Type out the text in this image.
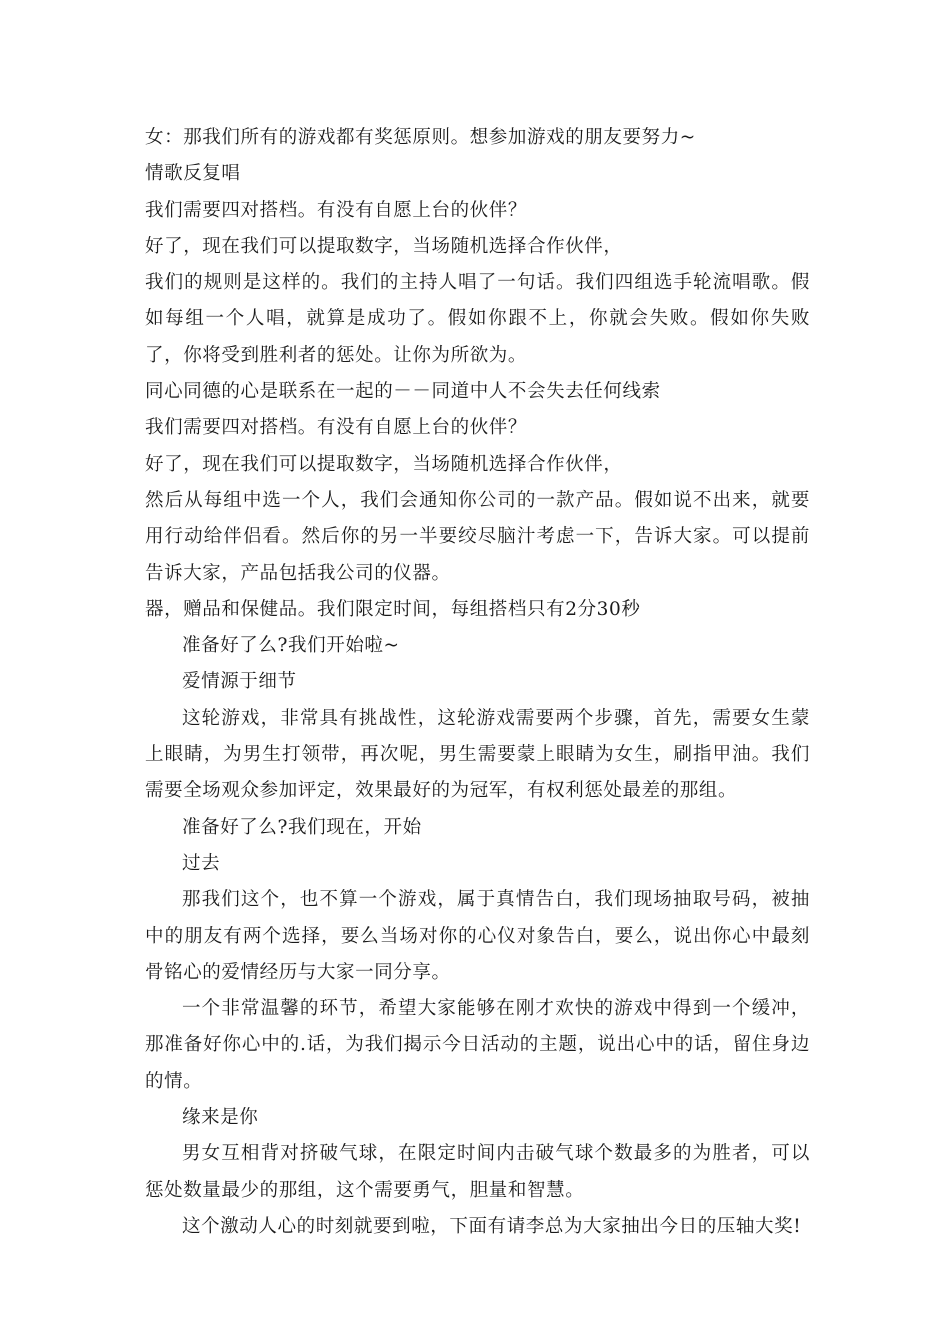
女：那我们所有的游戏都有奖惩原则。想参加游戏的朋友要努力~

情歌反复唱

我们需要四对搭档。有没有自愿上台的伙伴？

好了，现在我们可以提取数字，当场随机选择合作伙伴，

我们的规则是这样的。我们的主持人唱了一句话。我们四组选手轮流唱歌。假如每组一个人唱，就算是成功了。假如你跟不上，你就会失败。假如你失败了，你将受到胜利者的惩处。让你为所欲为。

同心同德的心是联系在一起的－－同道中人不会失去任何线索

我们需要四对搭档。有没有自愿上台的伙伴？

好了，现在我们可以提取数字，当场随机选择合作伙伴，

然后从每组中选一个人，我们会通知你公司的一款产品。假如说不出来，就要用行动给伴侣看。然后你的另一半要绞尽脑汁考虑一下，告诉大家。可以提前告诉大家，产品包括我公司的仪器。

器，赠品和保健品。我们限定时间，每组搭档只有2分30秒

准备好了么?我们开始啦~

爱情源于细节

这轮游戏，非常具有挑战性，这轮游戏需要两个步骤，首先，需要女生蒙上眼睛，为男生打领带，再次呢，男生需要蒙上眼睛为女生，刷指甲油。我们需要全场观众参加评定，效果最好的为冠军，有权利惩处最差的那组。

准备好了么?我们现在，开始

过去

那我们这个，也不算一个游戏，属于真情告白，我们现场抽取号码，被抽中的朋友有两个选择，要么当场对你的心仪对象告白，要么，说出你心中最刻骨铭心的爱情经历与大家一同分享。

一个非常温馨的环节，希望大家能够在刚才欢快的游戏中得到一个缓冲，那准备好你心中的.话，为我们揭示今日活动的主题，说出心中的话，留住身边的情。

缘来是你

男女互相背对挤破气球，在限定时间内击破气球个数最多的为胜者，可以惩处数量最少的那组，这个需要勇气，胆量和智慧。

这个激动人心的时刻就要到啦，下面有请李总为大家抽出今日的压轴大奖!
